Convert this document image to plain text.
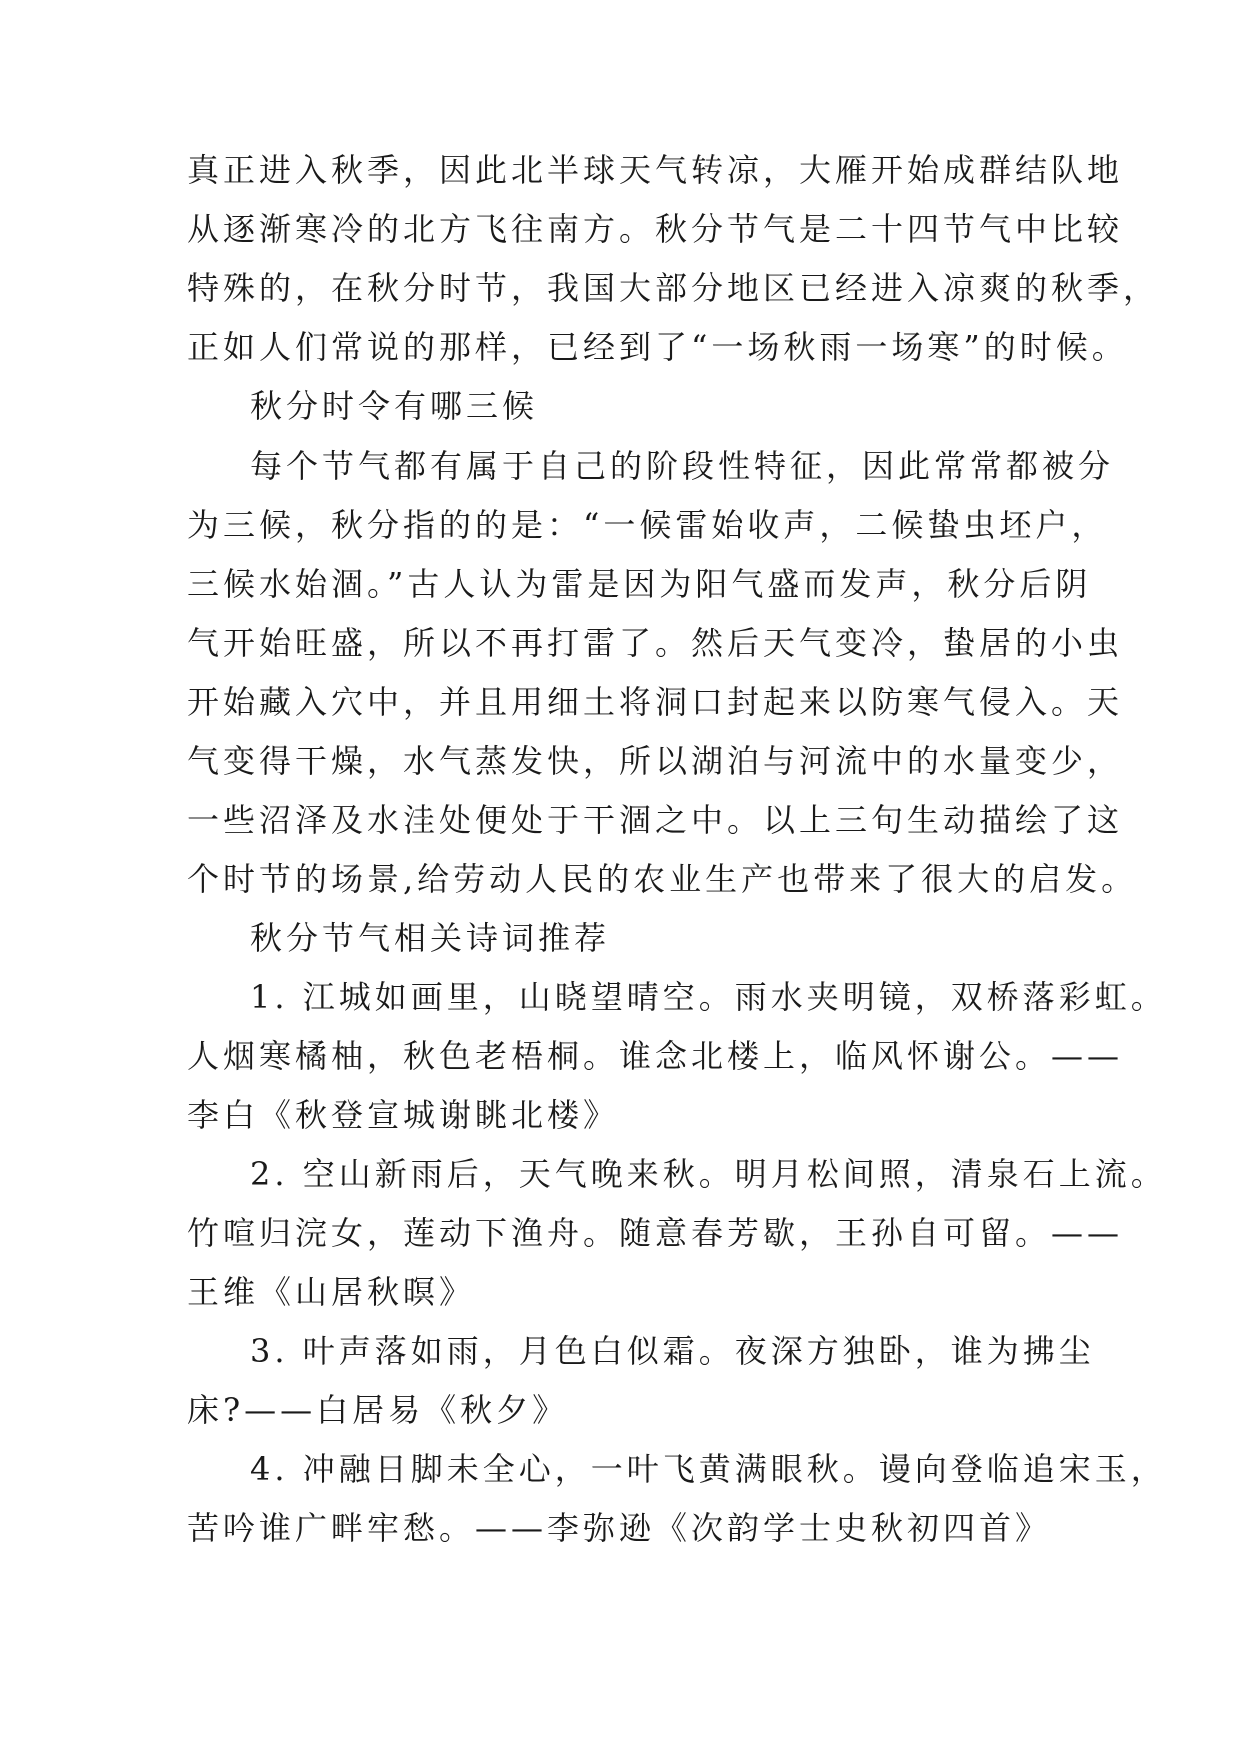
真正进入秋季，因此北半球天气转凉，大雁开始成群结队地

从逐渐寒冷的北方飞往南方。秋分节气是二十四节气中比较

特殊的，在秋分时节，我国大部分地区已经进入凉爽的秋季，

正如人们常说的那样，已经到了“一场秋雨一场寒”的时候。

秋分时令有哪三候

每个节气都有属于自己的阶段性特征，因此常常都被分

为三候，秋分指的的是：“一候雷始收声，二候蛰虫坯户，

三候水始涸。”古人认为雷是因为阳气盛而发声，秋分后阴

气开始旺盛，所以不再打雷了。然后天气变冷，蛰居的小虫

开始藏入穴中，并且用细土将洞口封起来以防寒气侵入。天

气变得干燥，水气蒸发快，所以湖泊与河流中的水量变少，

一些沼泽及水洼处便处于干涸之中。以上三句生动描绘了这

个时节的场景,给劳动人民的农业生产也带来了很大的启发。

秋分节气相关诗词推荐

1. 江城如画里，山晓望晴空。雨水夹明镜，双桥落彩虹。

人烟寒橘柚，秋色老梧桐。谁念北楼上，临风怀谢公。——

李白《秋登宣城谢眺北楼》

2. 空山新雨后，天气晚来秋。明月松间照，清泉石上流。

竹喧归浣女，莲动下渔舟。随意春芳歇，王孙自可留。——

王维《山居秋暝》

3. 叶声落如雨，月色白似霜。夜深方独卧，谁为拂尘

床?——白居易《秋夕》

4. 冲融日脚未全心，一叶飞黄满眼秋。谩向登临追宋玉，

苦吟谁广畔牢愁。——李弥逊《次韵学士史秋初四首》
